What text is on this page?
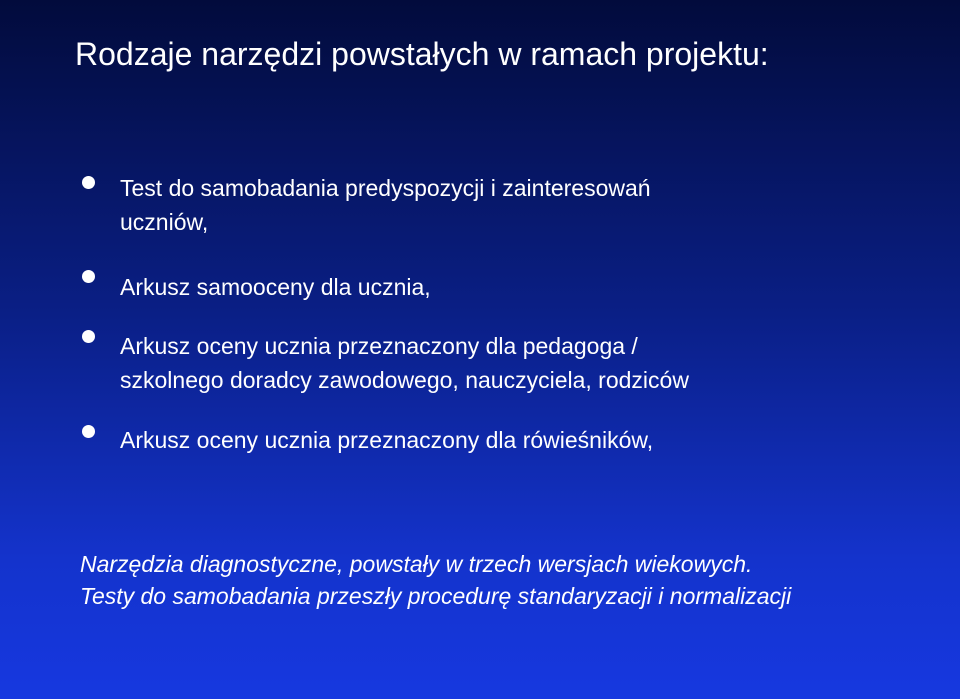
Rodzaje narzędzi powstałych w ramach projektu:
Test do samobadania predyspozycji i zainteresowań
uczniów,
Arkusz samooceny dla ucznia,
Arkusz oceny ucznia przeznaczony dla pedagoga /
szkolnego doradcy zawodowego, nauczyciela, rodziców
Arkusz oceny ucznia przeznaczony dla rówieśników,
Narzędzia diagnostyczne, powstały w trzech wersjach wiekowych.
Testy do samobadania przeszły procedurę standaryzacji i normalizacji
